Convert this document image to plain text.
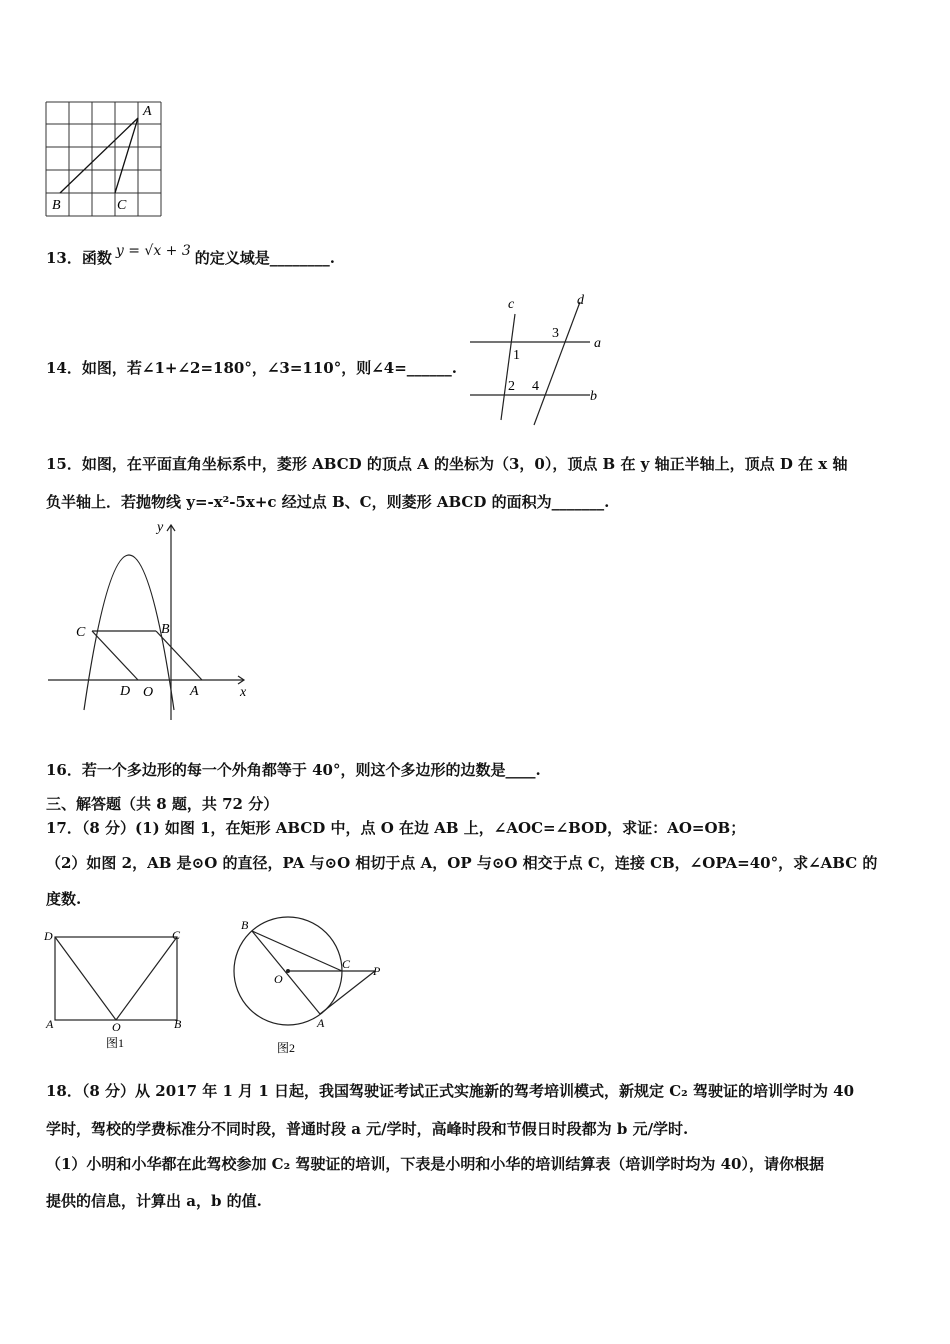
A
B	C
13．函数 y = √x + 3 的定义域是________.
14．如图，若∠1+∠2=180°，∠3=110°，则∠4=______.
c	d
a
b
1
2
3
4
15．如图，在平面直角坐标系中，菱形 ABCD 的顶点 A 的坐标为（3，0），顶点 B 在 y 轴正半轴上，顶点 D 在 x 轴
负半轴上．若抛物线 y=-x²-5x+c 经过点 B、C，则菱形 ABCD 的面积为_______.
y
x
C	B
D O	A
16．若一个多边形的每一个外角都等于 40°，则这个多边形的边数是____.
三、解答题（共 8 题，共 72 分）
17．（8 分）(1) 如图 1，在矩形 ABCD 中，点 O 在边 AB 上，∠AOC=∠BOD，求证：AO=OB；
（2）如图 2，AB 是⊙O 的直径，PA 与⊙O 相切于点 A，OP 与⊙O 相交于点 C，连接 CB，∠OPA=40°，求∠ABC 的
度数.
D	C
A	O	B
图1
B
C P
O
A
图2
18．（8 分）从 2017 年 1 月 1 日起，我国驾驶证考试正式实施新的驾考培训模式，新规定 C₂ 驾驶证的培训学时为 40
学时，驾校的学费标准分不同时段，普通时段 a 元/学时，高峰时段和节假日时段都为 b 元/学时.
（1）小明和小华都在此驾校参加 C₂ 驾驶证的培训，下表是小明和小华的培训结算表（培训学时均为 40），请你根据
提供的信息，计算出 a，b 的值.
